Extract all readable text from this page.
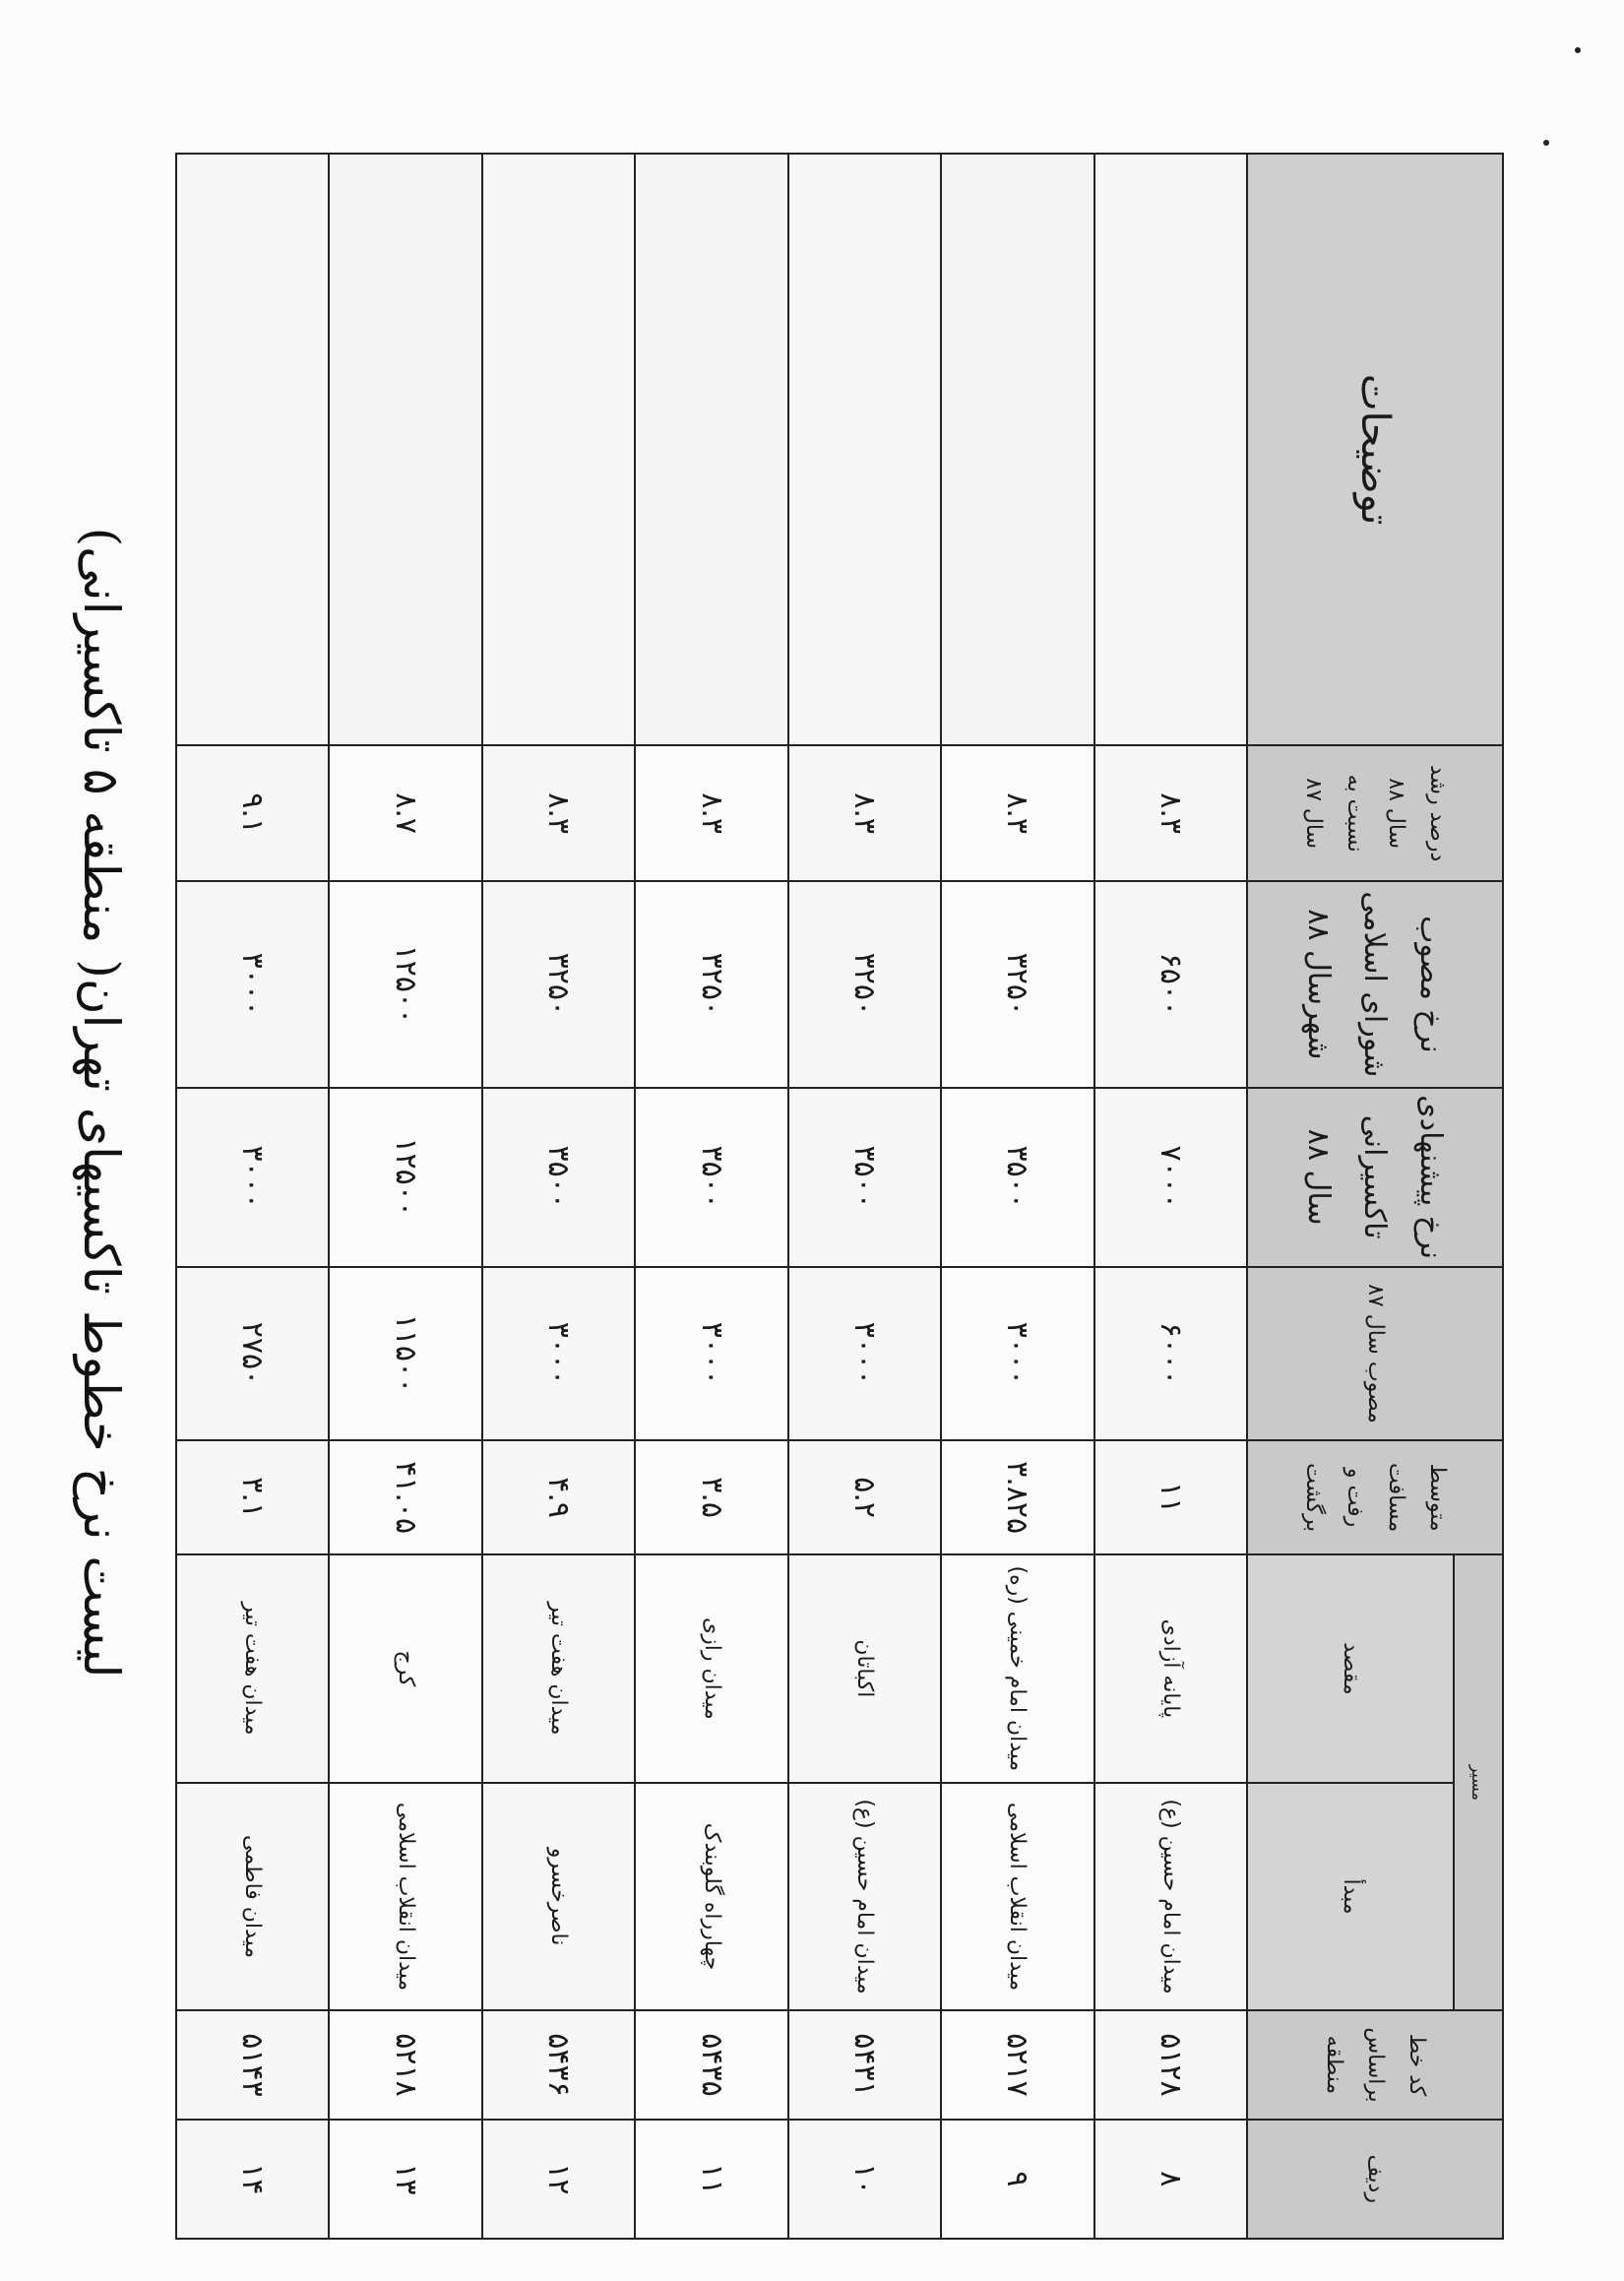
لیست نرخ خطوط تاکسیهای تهران( منطقه ۵ تاکسیرانی)
ردیف	کد خط براساس منطقه	مسیر		متوسط مسافت رفت و برگشت	مصوب سال ۸۷	نرخ پیشنهادی تاکسیرانی سال ۸۸	نرخ مصوب شورای اسلامی شهرسال ۸۸	درصد رشد سال ۸۸ نسبت به سال ۸۷	توضیحات
		مبدأ	مقصد						
۸	۵۱۲۸	میدان امام حسین (ع)	پایانه آزادی	۱۱	۶۰۰۰	۷۰۰۰	۶۵۰۰	۸.۳	
۹	۵۲۱۷	میدان انقلاب اسلامی	میدان امام خمینی (ره)	۳.۸۲۵	۳۰۰۰	۳۵۰۰	۳۲۵۰	۸.۳	
۱۰	۵۴۳۱	میدان امام حسین (ع)	اکباتان	۵.۲	۳۰۰۰	۳۵۰۰	۳۲۵۰	۸.۳	
۱۱	۵۴۳۵	چهارراه گلوبندک	میدان رازی	۳.۵	۳۰۰۰	۳۵۰۰	۳۲۵۰	۸.۳	
۱۲	۵۴۳۶	ناصرخسرو	میدان هفت تیر	۴.۹	۳۰۰۰	۳۵۰۰	۳۲۵۰	۸.۳	
۱۳	۵۲۱۸	میدان انقلاب اسلامی	کرج	۴۱.۰۵	۱۱۵۰۰	۱۲۵۰۰	۱۲۵۰۰	۸.۷	
۱۴	۵۱۴۳	میدان فاطمی	میدان هفت تیر	۳.۱	۲۷۵۰	۳۰۰۰	۳۰۰۰	۹.۱	
